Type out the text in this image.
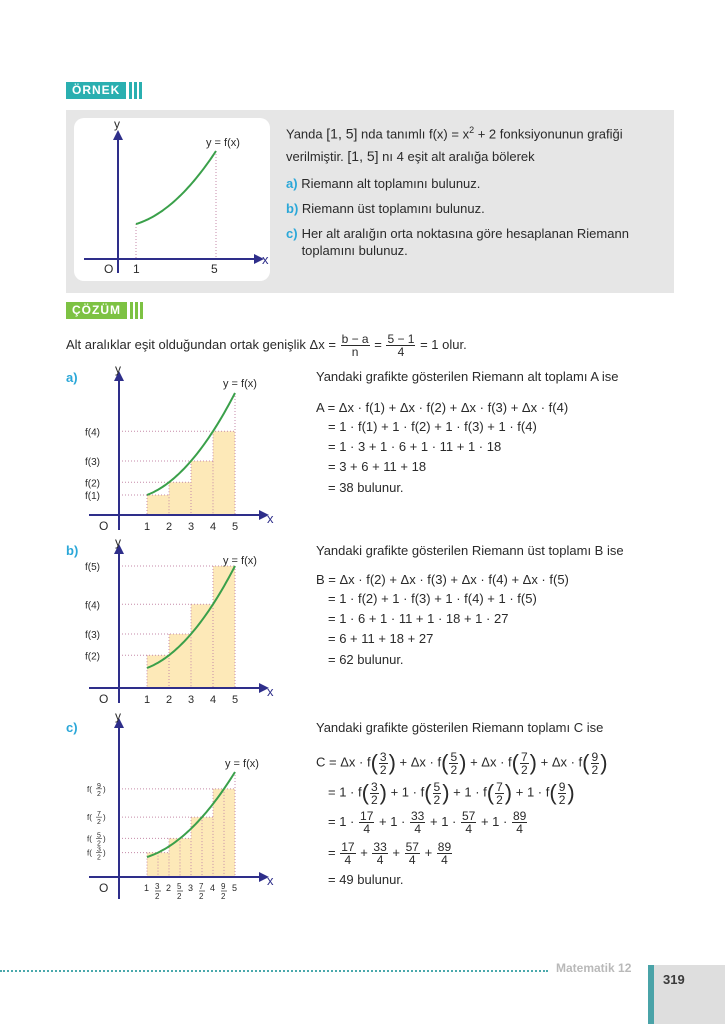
ÖRNEK
y
x
O 1	5
y = f(x)
Yanda [1, 5] nda tanımlı $f(x) = x^2 + 2$ fonksiyonunun grafiği
verilmiştir. [1, 5] nı 4 eşit alt aralığa bölerek
a) Riemann alt toplamını bulunuz.
b) Riemann üst toplamını bulunuz.
c) Her alt aralığın orta noktasına göre hesaplanan Riemann toplamını bulunuz.
ÇÖZÜM
Alt aralıklar eşit olduğundan ortak genişlik $\Delta x = \frac{b - a}{n} = \frac{5 - 1}{4} = 1$ olur.
a)
y
x
O
y = f(x)
1 2 3 4 5
f(1)
f(2)
f(3)
f(4)
Yandaki grafikte gösterilen Riemann alt toplamı A ise
A = Δx · f(1) + Δx · f(2) + Δx · f(3) + Δx · f(4)
= 1 · f(1) + 1 · f(2) + 1 · f(3) + 1 · f(4)
= 1 · 3 + 1 · 6 + 1 · 11 + 1 · 18
= 3 + 6 + 11 + 18
= 38 bulunur.
b)
y
x
O
y = f(x)
1 2 3 4 5
f(2)
f(3)
f(4)
f(5)
Yandaki grafikte gösterilen Riemann üst toplamı B ise
B = Δx · f(2) + Δx · f(3) + Δx · f(4) + Δx · f(5)
= 1 · f(2) + 1 · f(3) + 1 · f(4) + 1 · f(5)
= 1 · 6 + 1 · 11 + 1 · 18 + 1 · 27
= 6 + 11 + 18 + 27
= 62 bulunur.
c)
y
x
O
y = f(x)
1 2 3 4 5
3
2
5
2
7
2
9
2
f( 3
2
)
f( 5
2
)
f( 7
2
)
f( 9
2
)
Yandaki grafikte gösterilen Riemann toplamı C ise
$C = \Delta x \cdot f( \frac{3}{2}$ ) + $\Delta x \cdot f( \frac{5}{2}$ ) + $\Delta x \cdot f( \frac{7}{2}$ ) + $\Delta x \cdot f( \frac{9}{2}$ )
= $1 \cdot f( \frac{3}{2}$ ) + $1 \cdot f( \frac{5}{2}$ ) + $1 \cdot f( \frac{7}{2}$ ) + $1 \cdot f( \frac{9}{2}$ )
= $1 \cdot \frac{17}{4} + 1 \cdot \frac{33}{4} + 1 \cdot \frac{57}{4} + 1 \cdot \frac{89}{4}$
= $\frac{17}{4} + \frac{33}{4} + \frac{57}{4} + \frac{89}{4}$
= 49 bulunur.
Matematik 12
319
